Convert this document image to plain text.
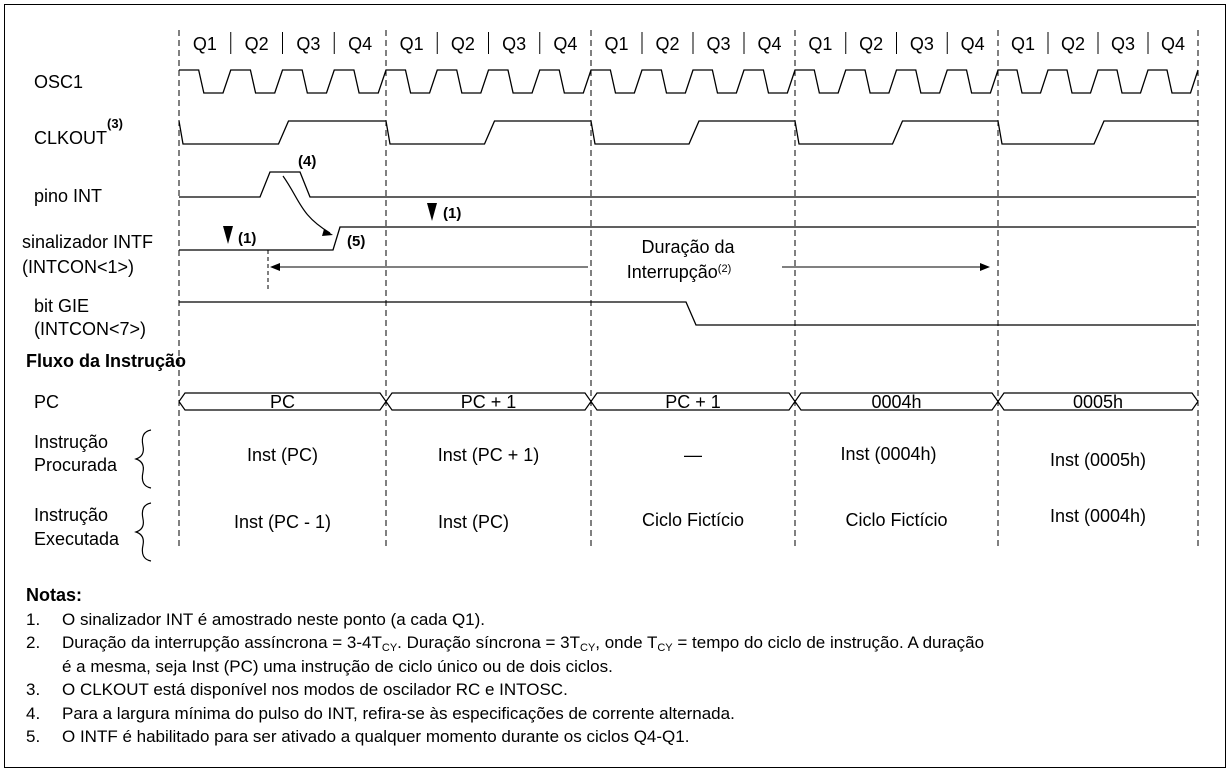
Q1 Q2 Q3 Q4 Q1 Q2 Q3 Q4 Q1 Q2 Q3 Q4 Q1 Q2 Q3 Q4 Q1 Q2 Q3 Q4
OSC1
CLKOUT$^{(3)}$
pino INT
sinalizador INTF
(INTCON<1>)
bit GIE
(INTCON<7>)
Fluxo da Instrução
PC
Instrução
Procurada
Instrução
Executada
(4)
(5)
(1)
(1)
Duração da
Interrupção$^{(2)}$
PC	PC + 1	PC + 1	0004h	0005h
Inst (PC)	Inst (PC + 1)	—	Inst (0004h)	Inst (0005h)
Inst (PC - 1)	Inst (PC)	Ciclo Fictício	Ciclo Fictício	Inst (0004h)
Notas:
1.	O sinalizador INT é amostrado neste ponto (a cada Q1).
2.	Duração da interrupção assíncrona = $3-4T_{CY}$. Duração síncrona = $3T_{CY}$, onde $T_{CY}$ = tempo do ciclo de instrução. A duração
é a mesma, seja Inst (PC) uma instrução de ciclo único ou de dois ciclos.
3.	O CLKOUT está disponível nos modos de oscilador RC e INTOSC.
4.	Para a largura mínima do pulso do INT, refira-se às especificações de corrente alternada.
5.	O INTF é habilitado para ser ativado a qualquer momento durante os ciclos Q4-Q1.
